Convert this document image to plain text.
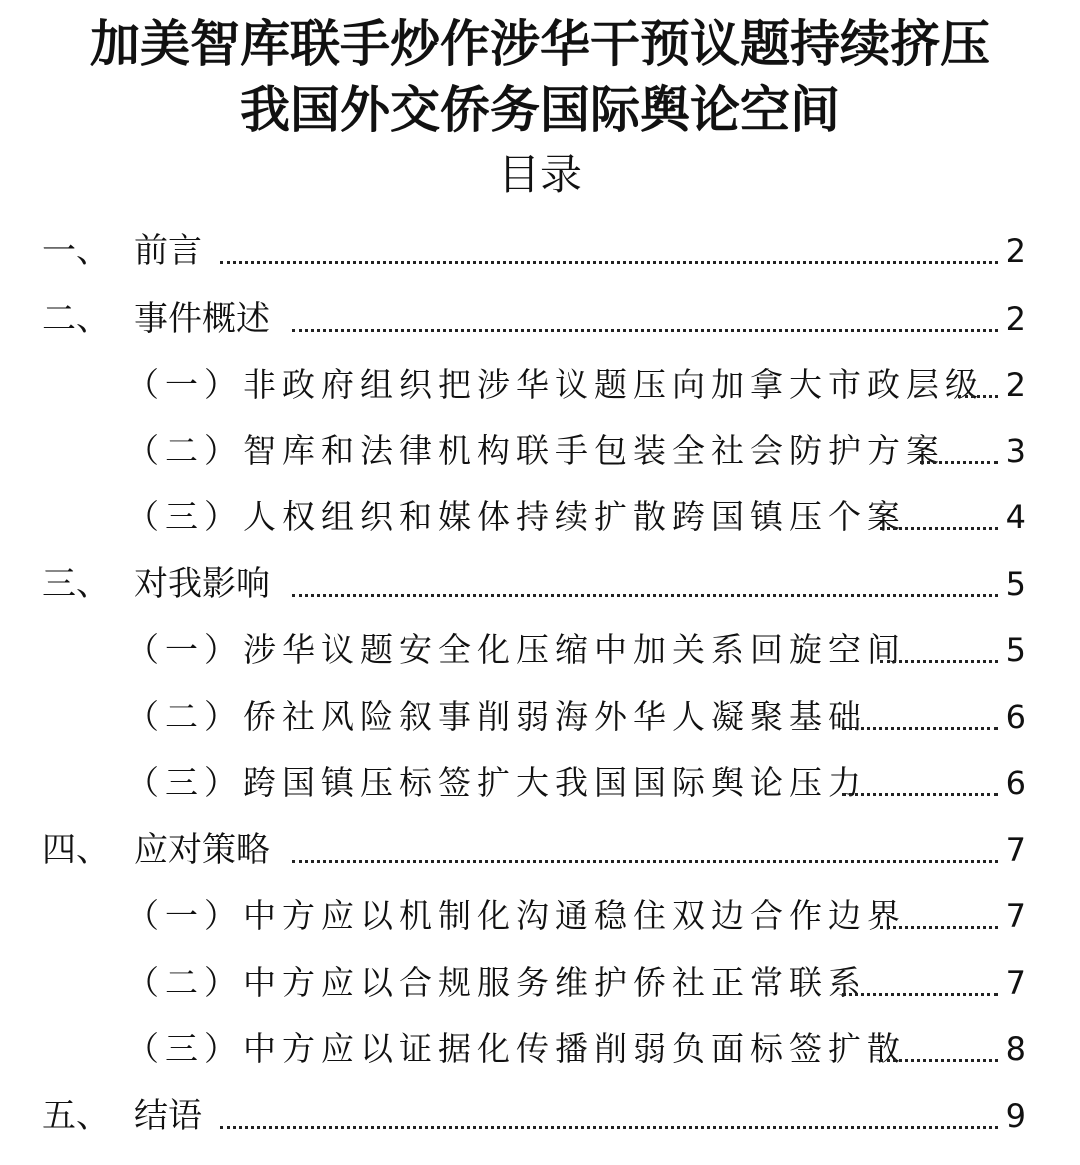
加美智库联手炒作涉华干预议题持续挤压
我国外交侨务国际舆论空间
目录
一、 前言	2
二、 事件概述	2
（一）非政府组织把涉华议题压向加拿大市政层级 2
（二）智库和法律机构联手包装全社会防护方案 3
（三）人权组织和媒体持续扩散跨国镇压个案	4
三、 对我影响	5
（一）涉华议题安全化压缩中加关系回旋空间	5
（二）侨社风险叙事削弱海外华人凝聚基础	6
（三）跨国镇压标签扩大我国国际舆论压力	6
四、 应对策略	7
（一）中方应以机制化沟通稳住双边合作边界	7
（二）中方应以合规服务维护侨社正常联系	7
（三）中方应以证据化传播削弱负面标签扩散	8
五、 结语	9
